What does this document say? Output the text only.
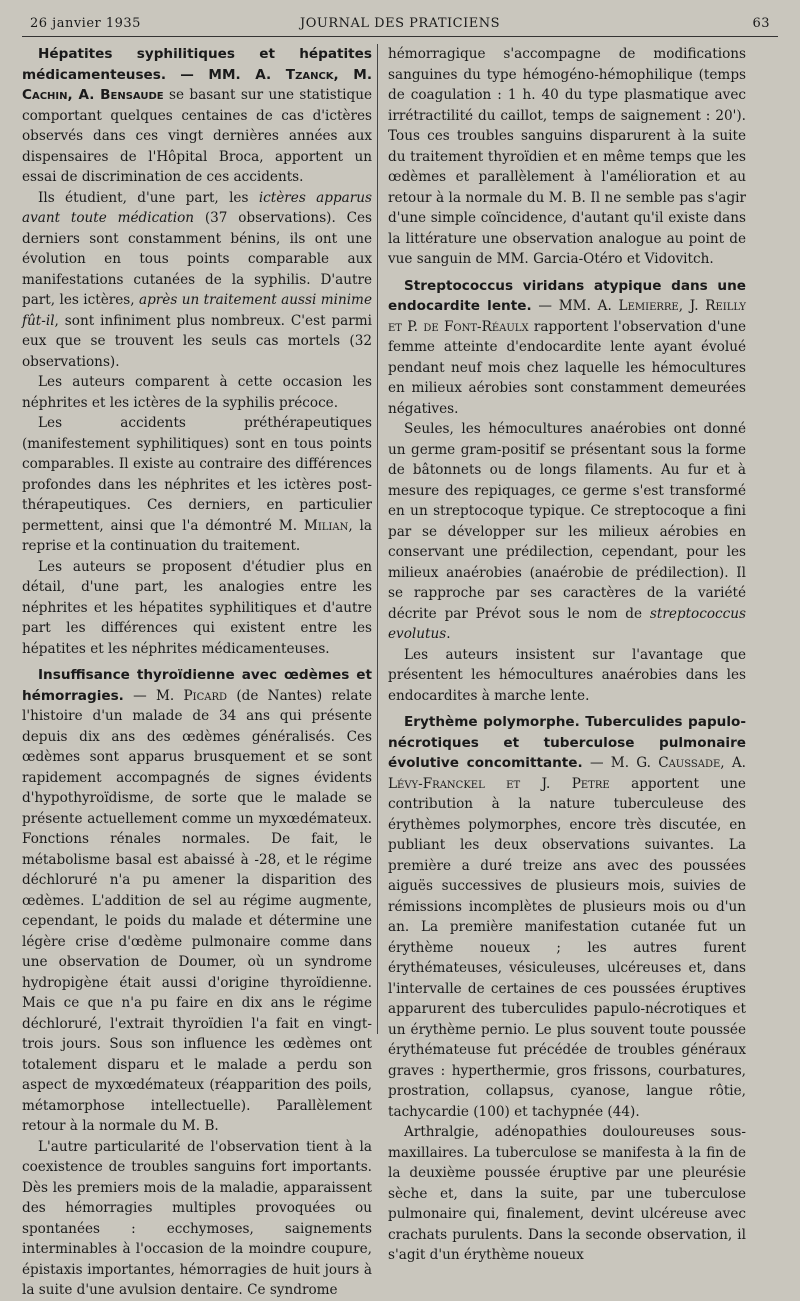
26 janvier 1935	JOURNAL DES PRATICIENS	63

Hépatites syphilitiques et hépatites médicamenteuses. — MM. A. Tzanck, M. Cachin, A. Bensaude se basant sur une statistique comportant quelques centaines de cas d'ictères observés dans ces vingt dernières années aux dispensaires de l'Hôpital Broca, apportent un essai de discrimination de ces accidents.

Ils étudient, d'une part, les ictères apparus avant toute médication (37 observations). Ces derniers sont constamment bénins, ils ont une évolution en tous points comparable aux manifestations cutanées de la syphilis. D'autre part, les ictères, après un traitement aussi minime fût-il, sont infiniment plus nombreux. C'est parmi eux que se trouvent les seuls cas mortels (32 observations).

Les auteurs comparent à cette occasion les néphrites et les ictères de la syphilis précoce.

Les accidents préthérapeutiques (manifestement syphilitiques) sont en tous points comparables. Il existe au contraire des différences profondes dans les néphrites et les ictères post-thérapeutiques. Ces derniers, en particulier permettent, ainsi que l'a démontré M. Milian, la reprise et la continuation du traitement.

Les auteurs se proposent d'étudier plus en détail, d'une part, les analogies entre les néphrites et les hépatites syphilitiques et d'autre part les différences qui existent entre les hépatites et les néphrites médicamenteuses.

Insuffisance thyroïdienne avec œdèmes et hémorragies. — M. Picard (de Nantes) relate l'histoire d'un malade de 34 ans qui présente depuis dix ans des œdèmes généralisés. Ces œdèmes sont apparus brusquement et se sont rapidement accompagnés de signes évidents d'hypothyroïdisme, de sorte que le malade se présente actuellement comme un myxœdémateux. Fonctions rénales normales. De fait, le métabolisme basal est abaissé à -28, et le régime déchloruré n'a pu amener la disparition des œdèmes. L'addition de sel au régime augmente, cependant, le poids du malade et détermine une légère crise d'œdème pulmonaire comme dans une observation de Doumer, où un syndrome hydropigène était aussi d'origine thyroïdienne. Mais ce que n'a pu faire en dix ans le régime déchloruré, l'extrait thyroïdien l'a fait en vingt-trois jours. Sous son influence les œdèmes ont totalement disparu et le malade a perdu son aspect de myxœdémateux (réapparition des poils, métamorphose intellectuelle). Parallèlement retour à la normale du M. B.

L'autre particularité de l'observation tient à la coexistence de troubles sanguins fort importants. Dès les premiers mois de la maladie, apparaissent des hémorragies multiples provoquées ou spontanées : ecchymoses, saignements interminables à l'occasion de la moindre coupure, épistaxis importantes, hémorragies de huit jours à la suite d'une avulsion dentaire. Ce syndrome

hémorragique s'accompagne de modifications sanguines du type hémogéno-hémophilique (temps de coagulation : 1 h. 40 du type plasmatique avec irrétractilité du caillot, temps de saignement : 20'). Tous ces troubles sanguins disparurent à la suite du traitement thyroïdien et en même temps que les œdèmes et parallèlement à l'amélioration et au retour à la normale du M. B. Il ne semble pas s'agir d'une simple coïncidence, d'autant qu'il existe dans la littérature une observation analogue au point de vue sanguin de MM. Garcia-Otéro et Vidovitch.

Streptococcus viridans atypique dans une endocardite lente. — MM. A. Lemierre, J. Reilly et P. de Font-Réaulx rapportent l'observation d'une femme atteinte d'endocardite lente ayant évolué pendant neuf mois chez laquelle les hémocultures en milieux aérobies sont constamment demeurées négatives.

Seules, les hémocultures anaérobies ont donné un germe gram-positif se présentant sous la forme de bâtonnets ou de longs filaments. Au fur et à mesure des repiquages, ce germe s'est transformé en un streptocoque typique. Ce streptocoque a fini par se développer sur les milieux aérobies en conservant une prédilection, cependant, pour les milieux anaérobies (anaérobie de prédilection). Il se rapproche par ses caractères de la variété décrite par Prévot sous le nom de streptococcus evolutus.

Les auteurs insistent sur l'avantage que présentent les hémocultures anaérobies dans les endocardites à marche lente.

Erythème polymorphe. Tuberculides papulo-nécrotiques et tuberculose pulmonaire évolutive concomittante. — M. G. Caussade, A. Lévy-Franckel et J. Petre apportent une contribution à la nature tuberculeuse des érythèmes polymorphes, encore très discutée, en publiant les deux observations suivantes. La première a duré treize ans avec des poussées aiguës successives de plusieurs mois, suivies de rémissions incomplètes de plusieurs mois ou d'un an. La première manifestation cutanée fut un érythème noueux ; les autres furent érythémateuses, vésiculeuses, ulcéreuses et, dans l'intervalle de certaines de ces poussées éruptives apparurent des tuberculides papulo-nécrotiques et un érythème pernio. Le plus souvent toute poussée érythémateuse fut précédée de troubles généraux graves : hyperthermie, gros frissons, courbatures, prostration, collapsus, cyanose, langue rôtie, tachycardie (100) et tachypnée (44).

Arthralgie, adénopathies douloureuses sous-maxillaires. La tuberculose se manifesta à la fin de la deuxième poussée éruptive par une pleurésie sèche et, dans la suite, par une tuberculose pulmonaire qui, finalement, devint ulcéreuse avec crachats purulents. Dans la seconde observation, il s'agit d'un érythème noueux
